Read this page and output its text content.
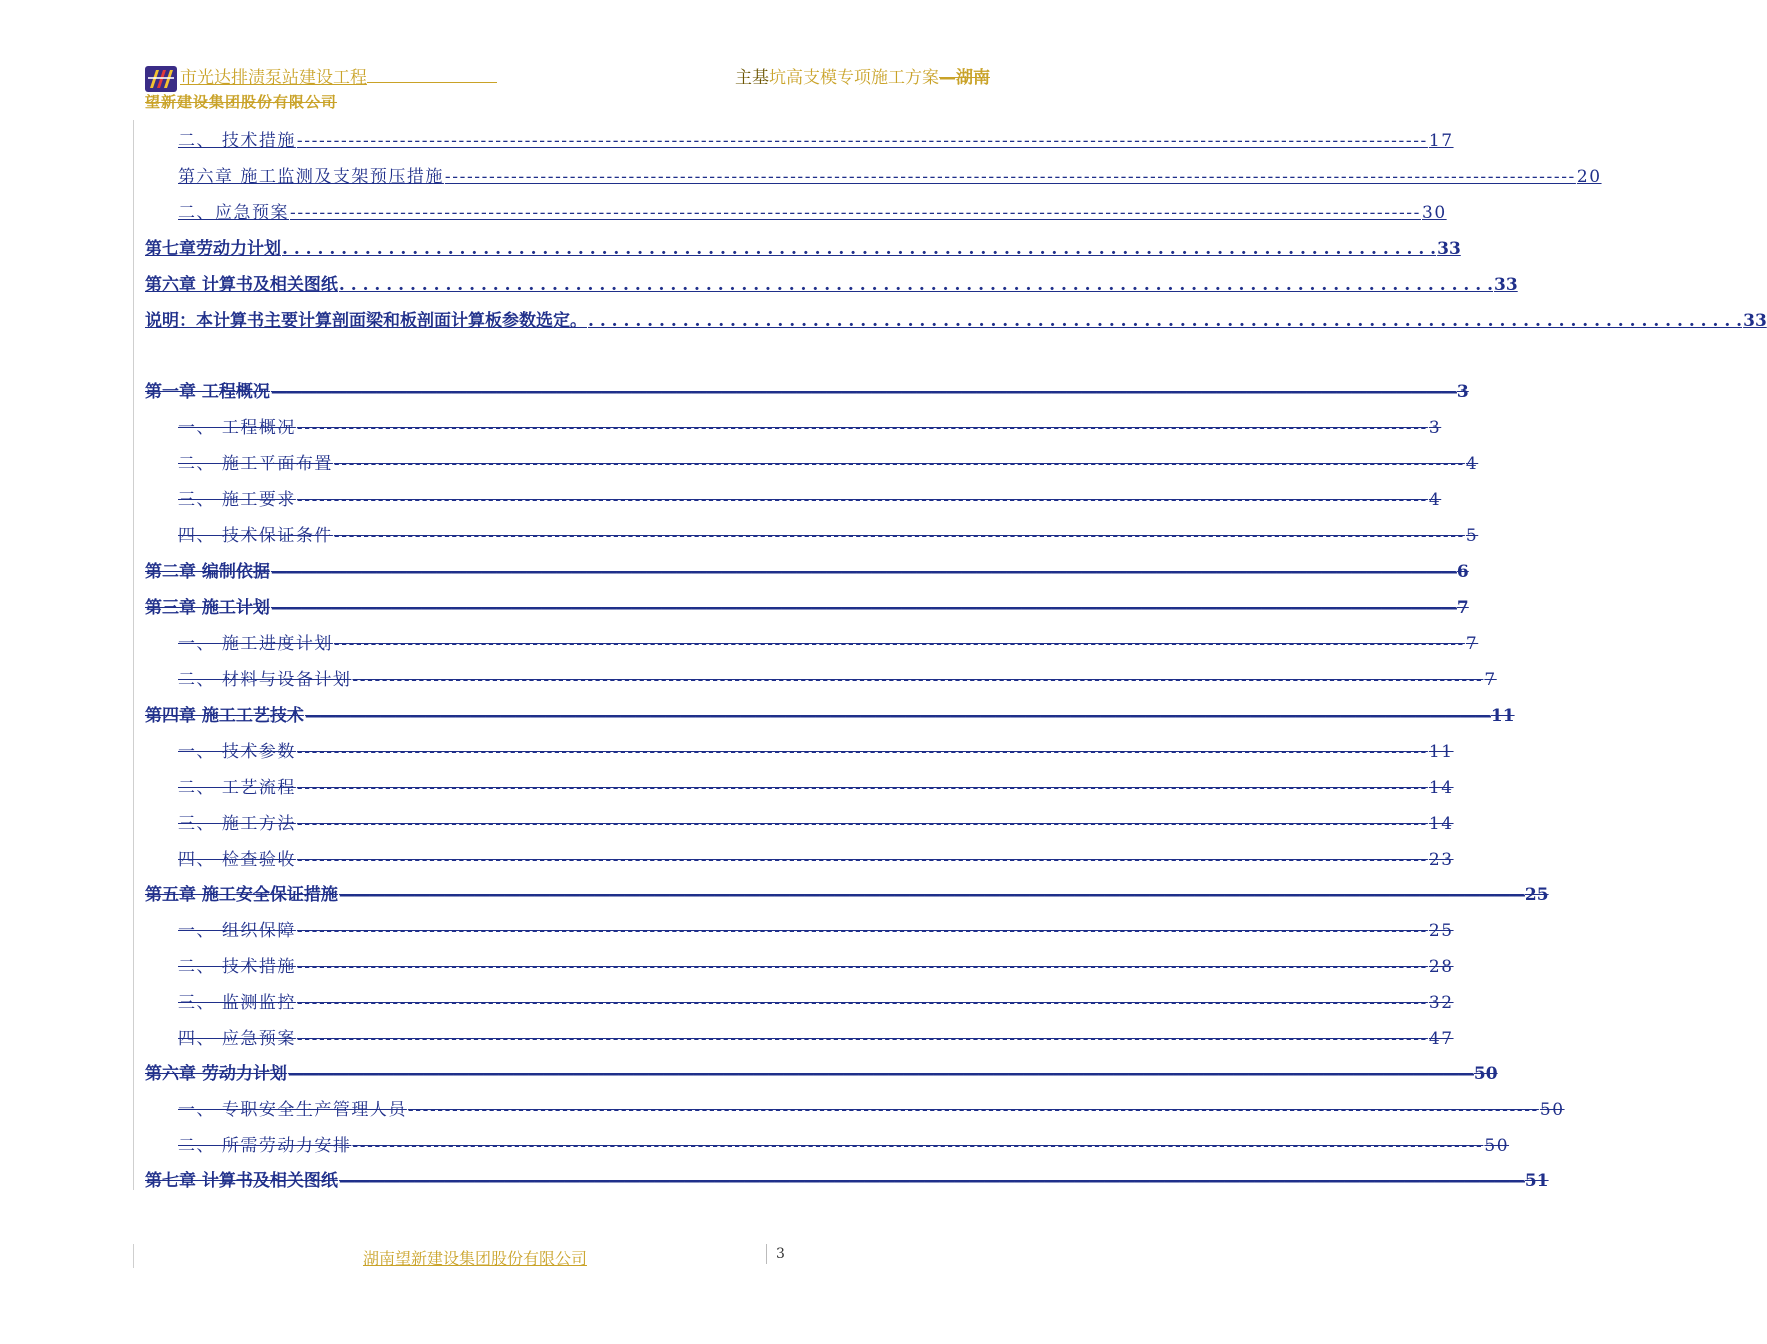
市光达排渍泵站建设工程	主基坑高支模专项施工方案—湖南
望新建设集团股份有限公司
二、 技术措施 -----	17
第六章 施工监测及支架预压措施 -----	20
二、应急预案 -----	30
第七章劳动力计划 . . .	33
第六章 计算书及相关图纸 . . .	33
说明：本计算书主要计算剖面梁和板剖面计算板参数选定。 . . .	33
第一章 工程概况 —————	3
一、 工程概况 -----	3
二、 施工平面布置 -----	4
三、 施工要求 -----	4
四、 技术保证条件 -----	5
第二章 编制依据 —————	6
第三章 施工计划 —————	7
一、 施工进度计划 -----	7
二、 材料与设备计划 -----	7
第四章 施工工艺技术 —————	11
一、 技术参数 -----	11
二、 工艺流程 -----	14
三、 施工方法 -----	14
四、 检查验收 -----	23
第五章 施工安全保证措施 —————	25
一、 组织保障 -----	25
二、 技术措施 -----	28
三、 监测监控 -----	32
四、 应急预案 -----	47
第六章 劳动力计划 —————	50
一、 专职安全生产管理人员 -----	50
二、 所需劳动力安排 -----	50
第七章 计算书及相关图纸 —————	51
湖南望新建设集团股份有限公司	3
